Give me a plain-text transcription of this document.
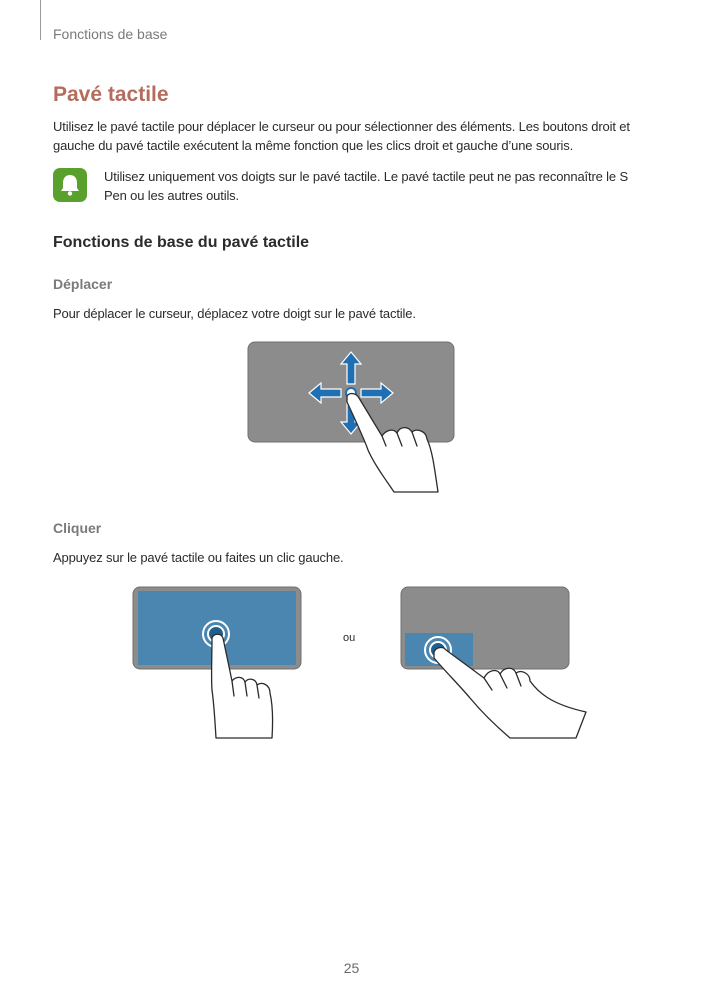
Fonctions de base
Pavé tactile
Utilisez le pavé tactile pour déplacer le curseur ou pour sélectionner des éléments. Les boutons droit et gauche du pavé tactile exécutent la même fonction que les clics droit et gauche d’une souris.
Utilisez uniquement vos doigts sur le pavé tactile. Le pavé tactile peut ne pas reconnaître le S Pen ou les autres outils.
Fonctions de base du pavé tactile
Déplacer
Pour déplacer le curseur, déplacez votre doigt sur le pavé tactile.
Cliquer
Appuyez sur le pavé tactile ou faites un clic gauche.
ou
25
